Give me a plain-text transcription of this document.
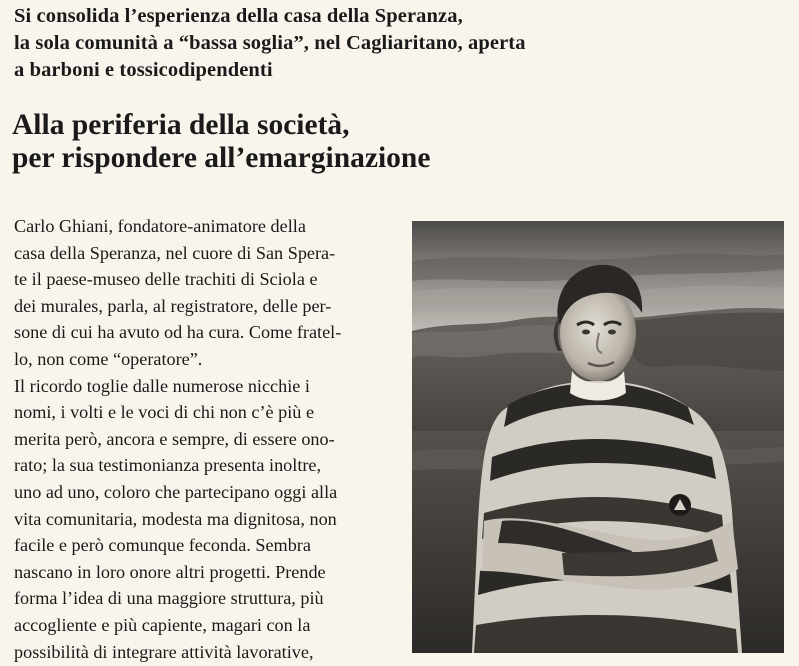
Si consolida l’esperienza della casa della Speranza,
la sola comunità a “bassa soglia”, nel Cagliaritano, aperta
a barboni e tossicodipendenti
Alla periferia della società,
per rispondere all’emarginazione
Carlo Ghiani, fondatore-animatore della
casa della Speranza, nel cuore di San Spera-
te il paese-museo delle trachiti di Sciola e
dei murales, parla, al registratore, delle per-
sone di cui ha avuto od ha cura. Come fratel-
lo, non come “operatore”.
Il ricordo toglie dalle numerose nicchie i
nomi, i volti e le voci di chi non c’è più e
merita però, ancora e sempre, di essere ono-
rato; la sua testimonianza presenta inoltre,
uno ad uno, coloro che partecipano oggi alla
vita comunitaria, modesta ma dignitosa, non
facile e però comunque feconda. Sembra
nascano in loro onore altri progetti. Prende
forma l’idea di una maggiore struttura, più
accogliente e più capiente, magari con la
possibilità di integrare attività lavorative,
